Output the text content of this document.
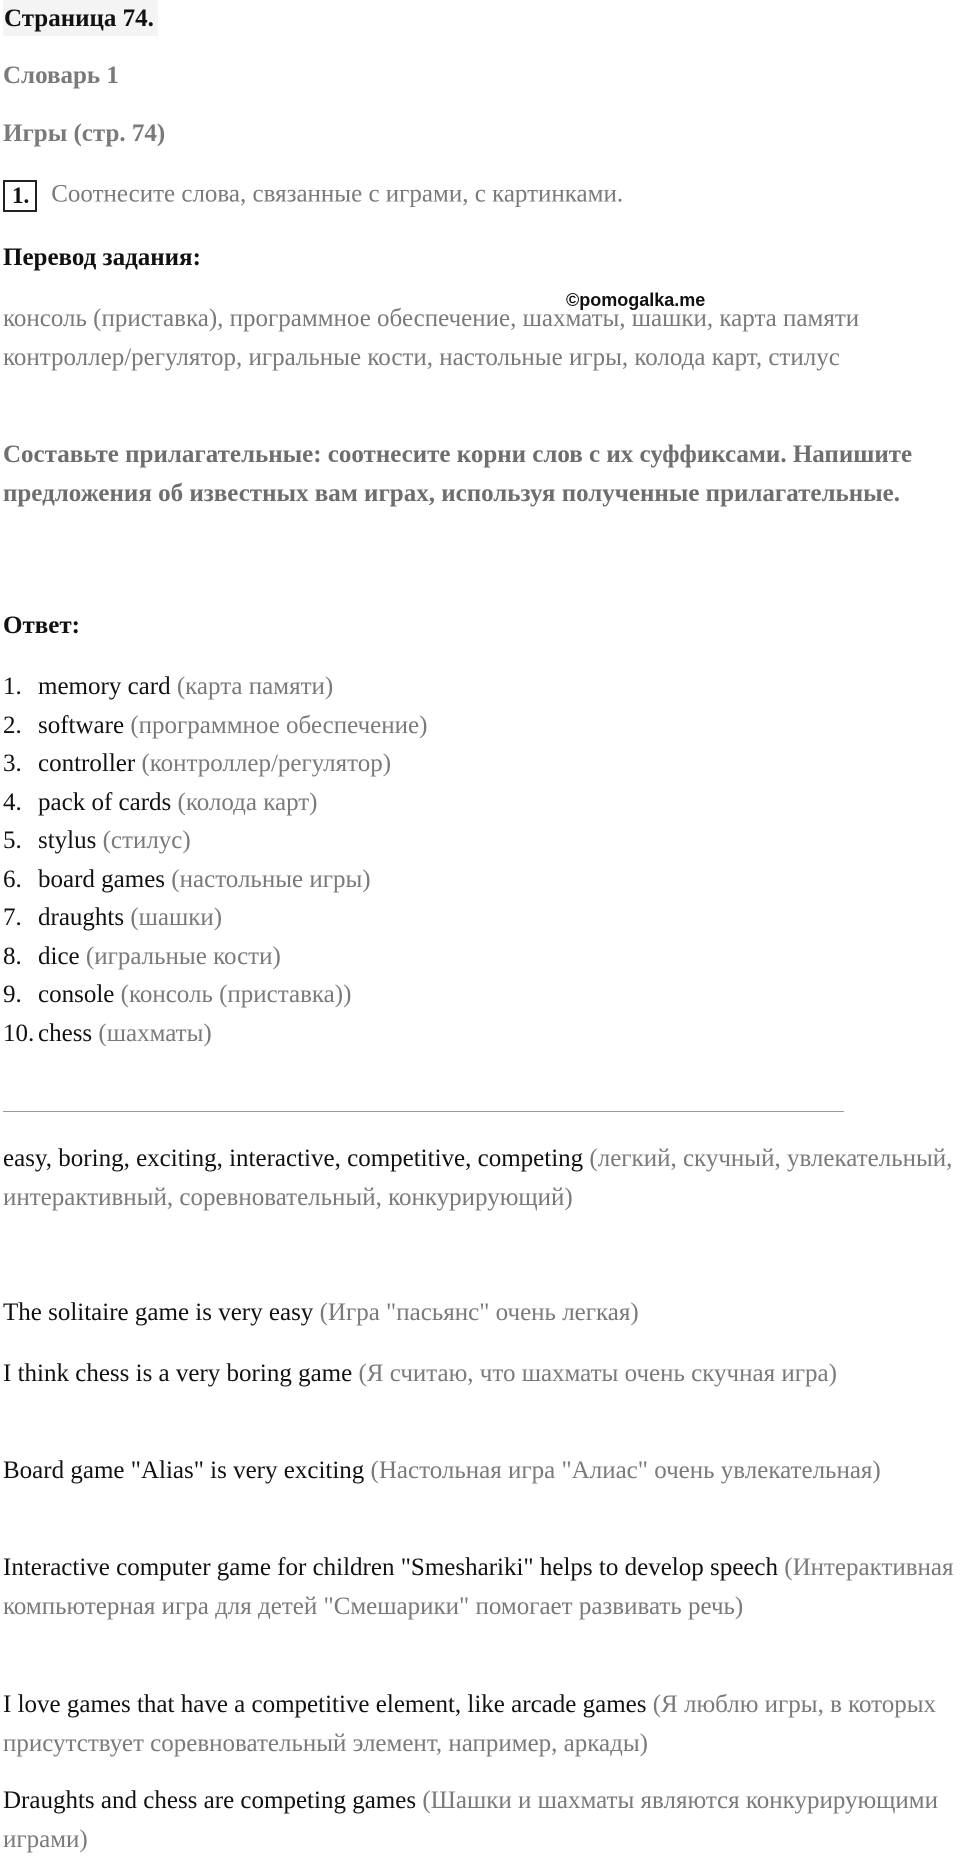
Страница 74.
Словарь 1
Игры (стр. 74)
1. Соотнесите слова, связанные с играми, с картинками.
Перевод задания:
©pomogalka.me
консоль (приставка), программное обеспечение, шахматы, шашки, карта памяти контроллер/регулятор, игральные кости, настольные игры, колода карт, стилус
Составьте прилагательные: соотнесите корни слов с их суффиксами. Напишите предложения об известных вам играх, используя полученные прилагательные.
Ответ:
1. memory card (карта памяти)
2. software (программное обеспечение)
3. controller (контроллер/регулятор)
4. pack of cards (колода карт)
5. stylus (стилус)
6. board games (настольные игры)
7. draughts (шашки)
8. dice (игральные кости)
9. console (консоль (приставка))
10. chess (шахматы)
easy, boring, exciting, interactive, competitive, competing (легкий, скучный, увлекательный, интерактивный, соревновательный, конкурирующий)
The solitaire game is very easy (Игра "пасьянс" очень легкая)
I think chess is a very boring game (Я считаю, что шахматы очень скучная игра)
Board game "Alias" is very exciting (Настольная игра "Алиас" очень увлекательная)
Interactive computer game for children "Smeshariki" helps to develop speech (Интерактивная компьютерная игра для детей "Смешарики" помогает развивать речь)
I love games that have a competitive element, like arcade games (Я люблю игры, в которых присутствует соревновательный элемент, например, аркады)
Draughts and chess are competing games (Шашки и шахматы являются конкурирующими играми)
